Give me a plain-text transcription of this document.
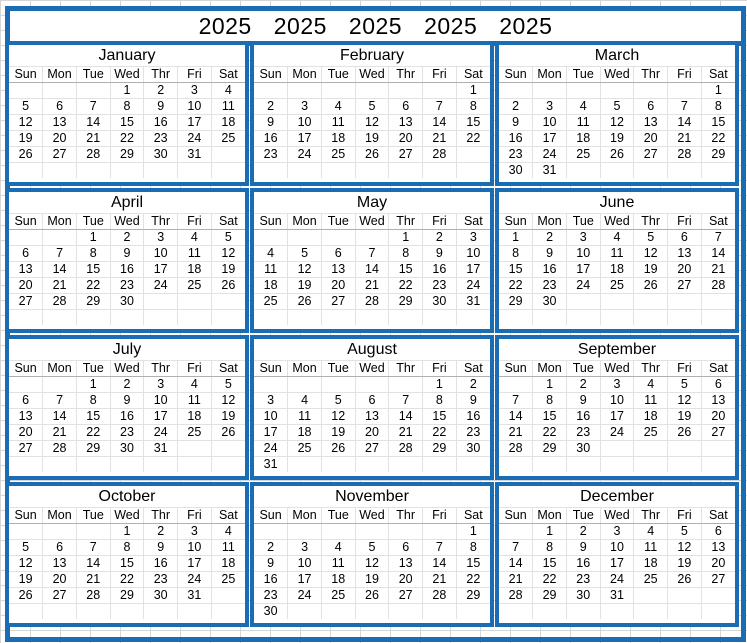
2025 2025 2025 2025 2025
January
Sun	Mon	Tue	Wed	Thr	Fri	Sat
			1	2	3	4
5	6	7	8	9	10	11
12	13	14	15	16	17	18
19	20	21	22	23	24	25
26	27	28	29	30	31	

February
Sun	Mon	Tue	Wed	Thr	Fri	Sat
						1
2	3	4	5	6	7	8
9	10	11	12	13	14	15
16	17	18	19	20	21	22
23	24	25	26	27	28	

March
Sun	Mon	Tue	Wed	Thr	Fri	Sat
						1
2	3	4	5	6	7	8
9	10	11	12	13	14	15
16	17	18	19	20	21	22
23	24	25	26	27	28	29
30	31					
April
Sun	Mon	Tue	Wed	Thr	Fri	Sat
		1	2	3	4	5
6	7	8	9	10	11	12
13	14	15	16	17	18	19
20	21	22	23	24	25	26
27	28	29	30			

May
Sun	Mon	Tue	Wed	Thr	Fri	Sat
				1	2	3
4	5	6	7	8	9	10
11	12	13	14	15	16	17
18	19	20	21	22	23	24
25	26	27	28	29	30	31

June
Sun	Mon	Tue	Wed	Thr	Fri	Sat
1	2	3	4	5	6	7
8	9	10	11	12	13	14
15	16	17	18	19	20	21
22	23	24	25	26	27	28
29	30					

July
Sun	Mon	Tue	Wed	Thr	Fri	Sat
		1	2	3	4	5
6	7	8	9	10	11	12
13	14	15	16	17	18	19
20	21	22	23	24	25	26
27	28	29	30	31		

August
Sun	Mon	Tue	Wed	Thr	Fri	Sat
					1	2
3	4	5	6	7	8	9
10	11	12	13	14	15	16
17	18	19	20	21	22	23
24	25	26	27	28	29	30
31						
September
Sun	Mon	Tue	Wed	Thr	Fri	Sat
	1	2	3	4	5	6
7	8	9	10	11	12	13
14	15	16	17	18	19	20
21	22	23	24	25	26	27
28	29	30				

October
Sun	Mon	Tue	Wed	Thr	Fri	Sat
			1	2	3	4
5	6	7	8	9	10	11
12	13	14	15	16	17	18
19	20	21	22	23	24	25
26	27	28	29	30	31	

November
Sun	Mon	Tue	Wed	Thr	Fri	Sat
						1
2	3	4	5	6	7	8
9	10	11	12	13	14	15
16	17	18	19	20	21	22
23	24	25	26	27	28	29
30						
December
Sun	Mon	Tue	Wed	Thr	Fri	Sat
	1	2	3	4	5	6
7	8	9	10	11	12	13
14	15	16	17	18	19	20
21	22	23	24	25	26	27
28	29	30	31			
